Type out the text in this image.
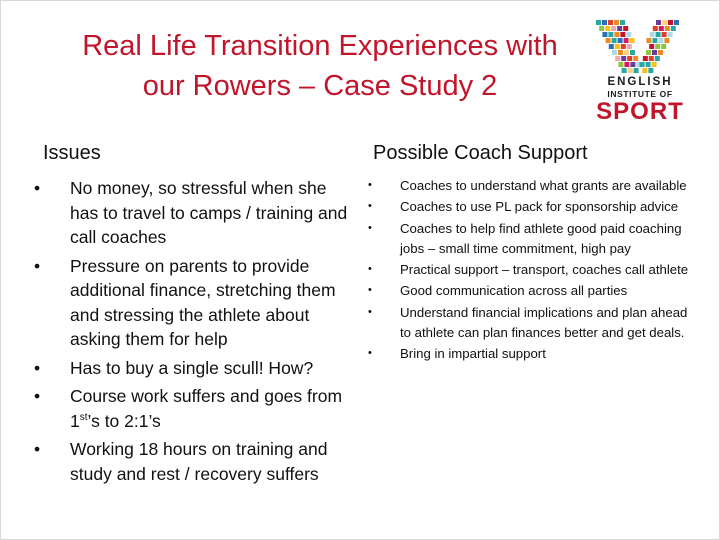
Real Life Transition Experiences with
our Rowers – Case Study 2	ENGLISH
INSTITUTE OF
SPORT
Issues	Possible Coach Support
• No money, so stressful when she has to travel to camps / training and call coaches
• Pressure on parents to provide additional finance, stretching them and stressing the athlete about asking them for help
• Has to buy a single scull! How?
• Course work suffers and goes from 1st’s to 2:1’s
• Working 18 hours on training and study and rest / recovery suffers
• Coaches to understand what grants are available
• Coaches to use PL pack for sponsorship advice
• Coaches to help find athlete good paid coaching jobs – small time commitment, high pay
• Practical support – transport, coaches call athlete
• Good communication across all parties
• Understand financial implications and plan ahead to athlete can plan finances better and get deals.
• Bring in impartial support
